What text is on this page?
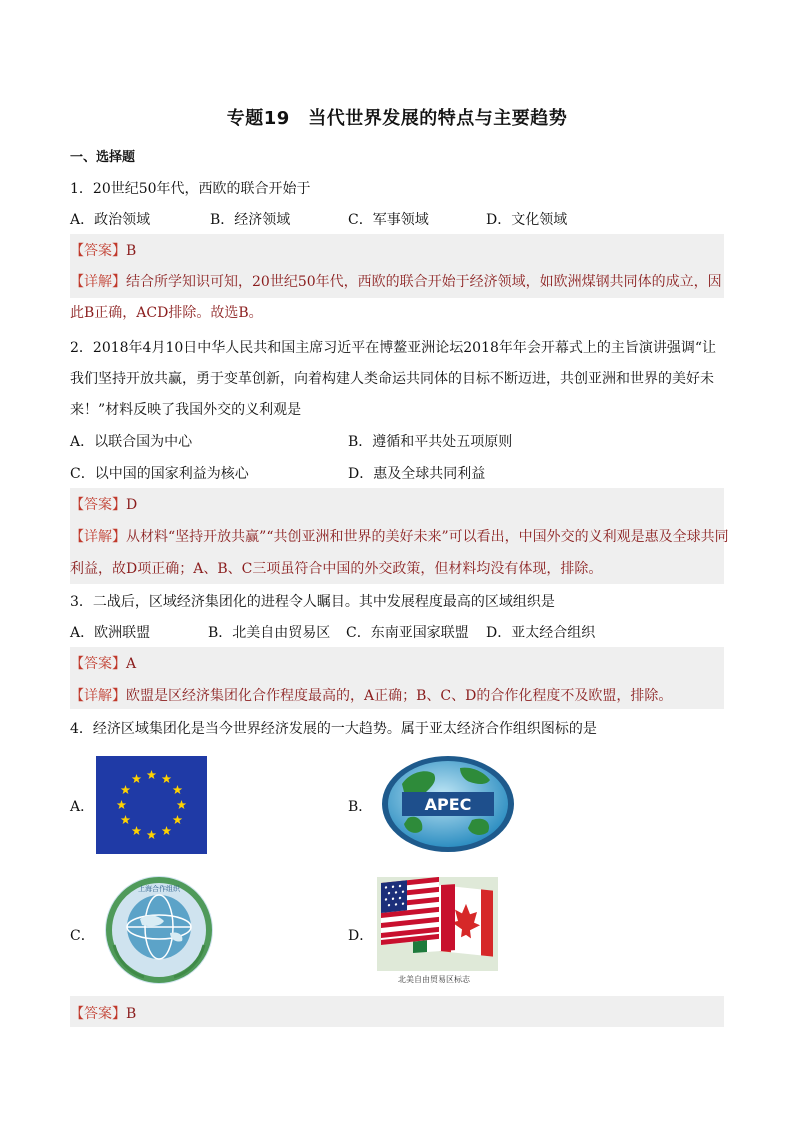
专题19　当代世界发展的特点与主要趋势
一、选择题
1．20世纪50年代，西欧的联合开始于
A．政治领域	B．经济领域	C．军事领域	D．文化领域
【答案】B
【详解】结合所学知识可知，20世纪50年代，西欧的联合开始于经济领域，如欧洲煤钢共同体的成立，因
此B正确，ACD排除。故选B。
2．2018年4月10日中华人民共和国主席习近平在博鳌亚洲论坛2018年年会开幕式上的主旨演讲强调“让
我们坚持开放共赢，勇于变革创新，向着构建人类命运共同体的目标不断迈进，共创亚洲和世界的美好未
来！”材料反映了我国外交的义利观是
A．以联合国为中心	B．遵循和平共处五项原则
C．以中国的国家利益为核心	D．惠及全球共同利益
【答案】D
【详解】从材料“坚持开放共赢”“共创亚洲和世界的美好未来”可以看出，中国外交的义利观是惠及全球共同
利益，故D项正确；A、B、C三项虽符合中国的外交政策，但材料均没有体现，排除。
3．二战后，区域经济集团化的进程令人瞩目。其中发展程度最高的区域组织是
A．欧洲联盟	B．北美自由贸易区 C．东南亚国家联盟 D．亚太经合组织
【答案】A
【详解】欧盟是区经济集团化合作程度最高的，A正确；B、C、D的合作化程度不及欧盟，排除。
4．经济区域集团化是当今世界经济发展的一大趋势。属于亚太经济合作组织图标的是
A．	B．	APEC
C．
上海合作组织
D．
北美自由贸易区标志
【答案】B
